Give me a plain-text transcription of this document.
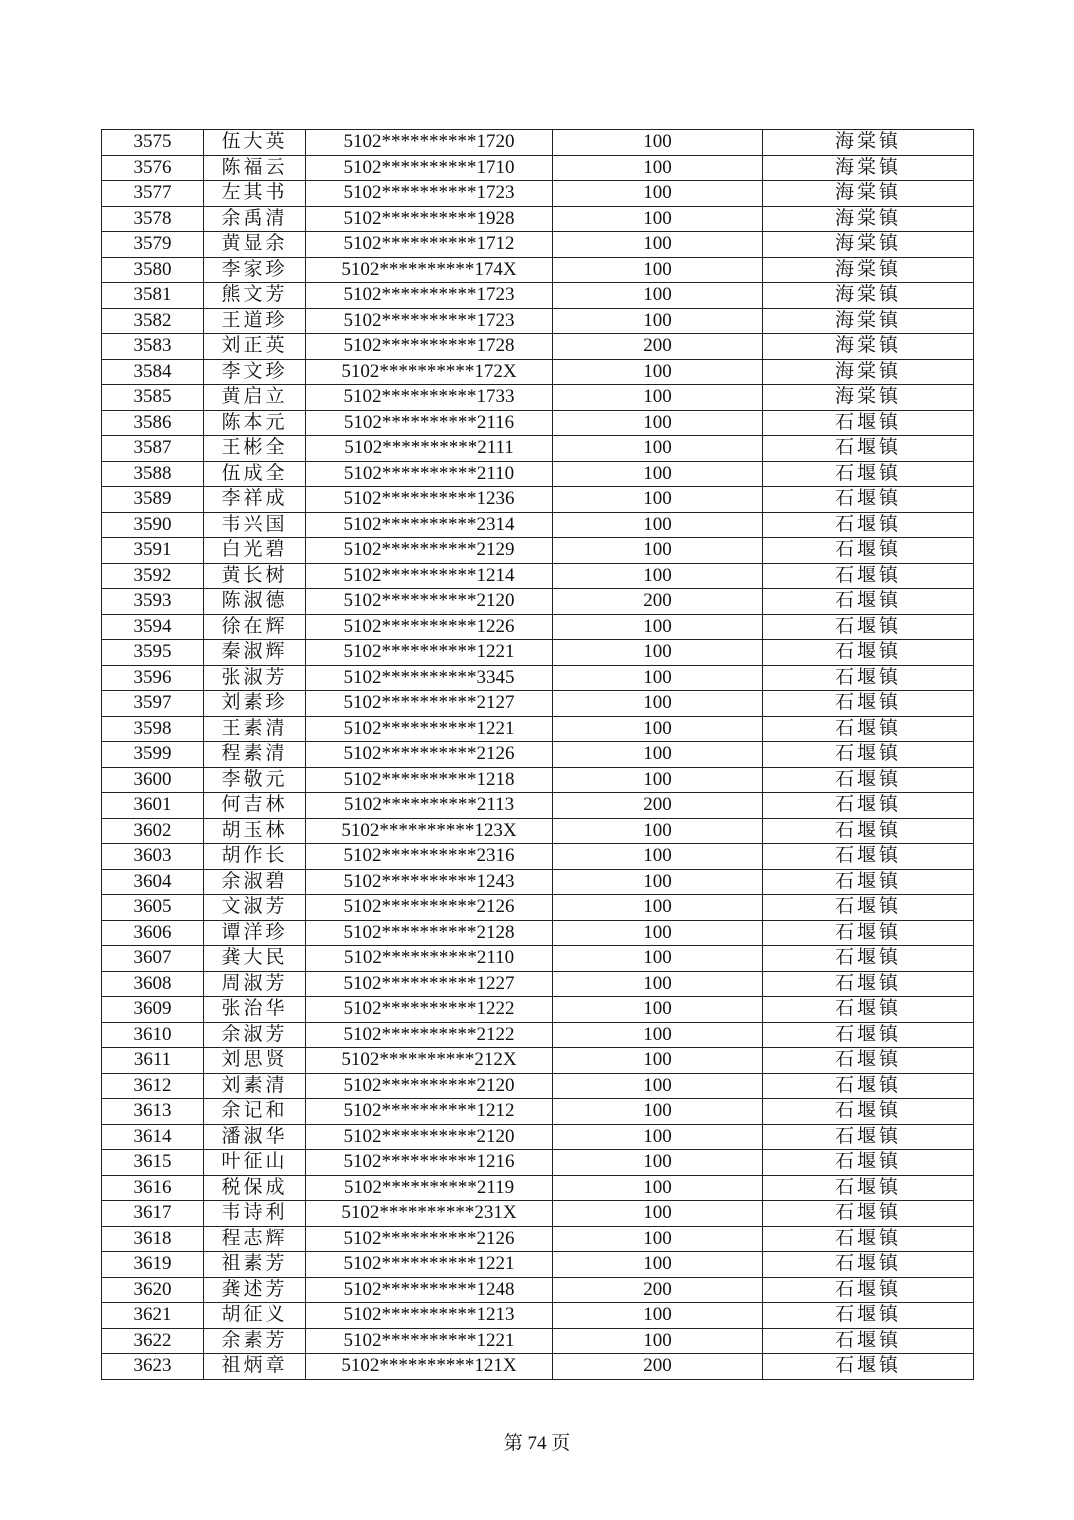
3575	伍大英	5102**********1720	100	海棠镇
3576	陈福云	5102**********1710	100	海棠镇
3577	左其书	5102**********1723	100	海棠镇
3578	余禹清	5102**********1928	100	海棠镇
3579	黄显余	5102**********1712	100	海棠镇
3580	李家珍	5102**********174X	100	海棠镇
3581	熊文芳	5102**********1723	100	海棠镇
3582	王道珍	5102**********1723	100	海棠镇
3583	刘正英	5102**********1728	200	海棠镇
3584	李文珍	5102**********172X	100	海棠镇
3585	黄启立	5102**********1733	100	海棠镇
3586	陈本元	5102**********2116	100	石堰镇
3587	王彬全	5102**********2111	100	石堰镇
3588	伍成全	5102**********2110	100	石堰镇
3589	李祥成	5102**********1236	100	石堰镇
3590	韦兴国	5102**********2314	100	石堰镇
3591	白光碧	5102**********2129	100	石堰镇
3592	黄长树	5102**********1214	100	石堰镇
3593	陈淑德	5102**********2120	200	石堰镇
3594	徐在辉	5102**********1226	100	石堰镇
3595	秦淑辉	5102**********1221	100	石堰镇
3596	张淑芳	5102**********3345	100	石堰镇
3597	刘素珍	5102**********2127	100	石堰镇
3598	王素清	5102**********1221	100	石堰镇
3599	程素清	5102**********2126	100	石堰镇
3600	李敬元	5102**********1218	100	石堰镇
3601	何吉林	5102**********2113	200	石堰镇
3602	胡玉林	5102**********123X	100	石堰镇
3603	胡作长	5102**********2316	100	石堰镇
3604	余淑碧	5102**********1243	100	石堰镇
3605	文淑芳	5102**********2126	100	石堰镇
3606	谭洋珍	5102**********2128	100	石堰镇
3607	龚大民	5102**********2110	100	石堰镇
3608	周淑芳	5102**********1227	100	石堰镇
3609	张治华	5102**********1222	100	石堰镇
3610	余淑芳	5102**********2122	100	石堰镇
3611	刘思贤	5102**********212X	100	石堰镇
3612	刘素清	5102**********2120	100	石堰镇
3613	余记和	5102**********1212	100	石堰镇
3614	潘淑华	5102**********2120	100	石堰镇
3615	叶征山	5102**********1216	100	石堰镇
3616	税保成	5102**********2119	100	石堰镇
3617	韦诗利	5102**********231X	100	石堰镇
3618	程志辉	5102**********2126	100	石堰镇
3619	祖素芳	5102**********1221	100	石堰镇
3620	龚述芳	5102**********1248	200	石堰镇
3621	胡征义	5102**********1213	100	石堰镇
3622	余素芳	5102**********1221	100	石堰镇
3623	祖炳章	5102**********121X	200	石堰镇
第 74 页
